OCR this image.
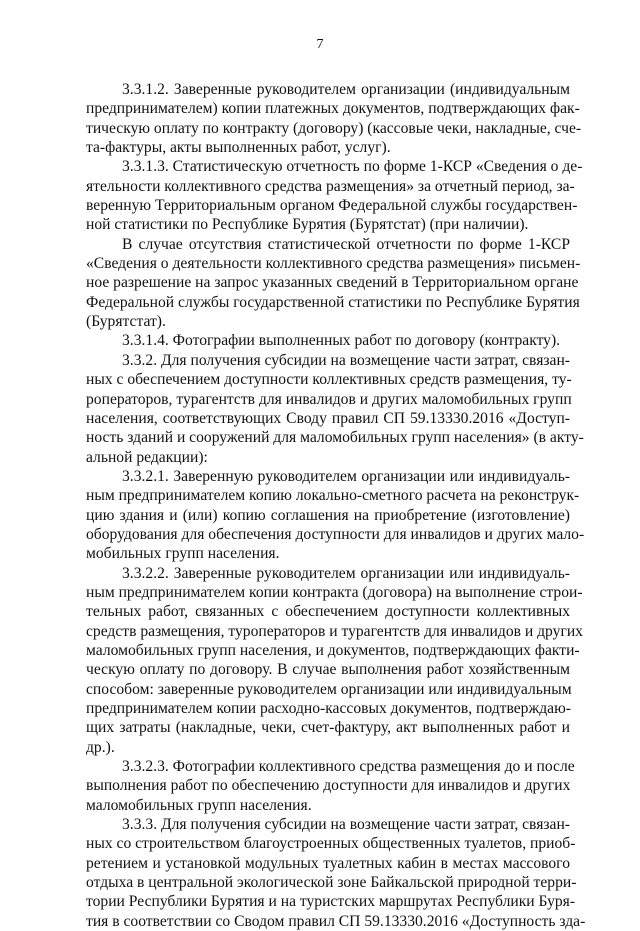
7
3.3.1.2. Заверенные руководителем организации (индивидуальным
предпринимателем) копии платежных документов, подтверждающих фак-
тическую оплату по контракту (договору) (кассовые чеки, накладные, сче-
та-фактуры, акты выполненных работ, услуг).
3.3.1.3. Статистическую отчетность по форме 1-КСР «Сведения о де-
ятельности коллективного средства размещения» за отчетный период, за-
веренную Территориальным органом Федеральной службы государствен-
ной статистики по Республике Бурятия (Бурятстат) (при наличии).
В случае отсутствия статистической отчетности по форме 1-КСР
«Сведения о деятельности коллективного средства размещения» письмен-
ное разрешение на запрос указанных сведений в Территориальном органе
Федеральной службы государственной статистики по Республике Бурятия
(Бурятстат).
3.3.1.4. Фотографии выполненных работ по договору (контракту).
3.3.2. Для получения субсидии на возмещение части затрат, связан-
ных с обеспечением доступности коллективных средств размещения, ту-
роператоров, турагентств для инвалидов и других маломобильных групп
населения, соответствующих Своду правил СП 59.13330.2016 «Доступ-
ность зданий и сооружений для маломобильных групп населения» (в акту-
альной редакции):
3.3.2.1. Заверенную руководителем организации или индивидуаль-
ным предпринимателем копию локально-сметного расчета на реконструк-
цию здания и (или) копию соглашения на приобретение (изготовление)
оборудования для обеспечения доступности для инвалидов и других мало-
мобильных групп населения.
3.3.2.2. Заверенные руководителем организации или индивидуаль-
ным предпринимателем копии контракта (договора) на выполнение строи-
тельных работ, связанных с обеспечением доступности коллективных
средств размещения, туроператоров и турагентств для инвалидов и других
маломобильных групп населения, и документов, подтверждающих факти-
ческую оплату по договору. В случае выполнения работ хозяйственным
способом: заверенные руководителем организации или индивидуальным
предпринимателем копии расходно-кассовых документов, подтверждаю-
щих затраты (накладные, чеки, счет-фактуру, акт выполненных работ и
др.).
3.3.2.3. Фотографии коллективного средства размещения до и после
выполнения работ по обеспечению доступности для инвалидов и других
маломобильных групп населения.
3.3.3. Для получения субсидии на возмещение части затрат, связан-
ных со строительством благоустроенных общественных туалетов, приоб-
ретением и установкой модульных туалетных кабин в местах массового
отдыха в центральной экологической зоне Байкальской природной терри-
тории Республики Бурятия и на туристских маршрутах Республики Буря-
тия в соответствии со Сводом правил СП 59.13330.2016 «Доступность зда-
